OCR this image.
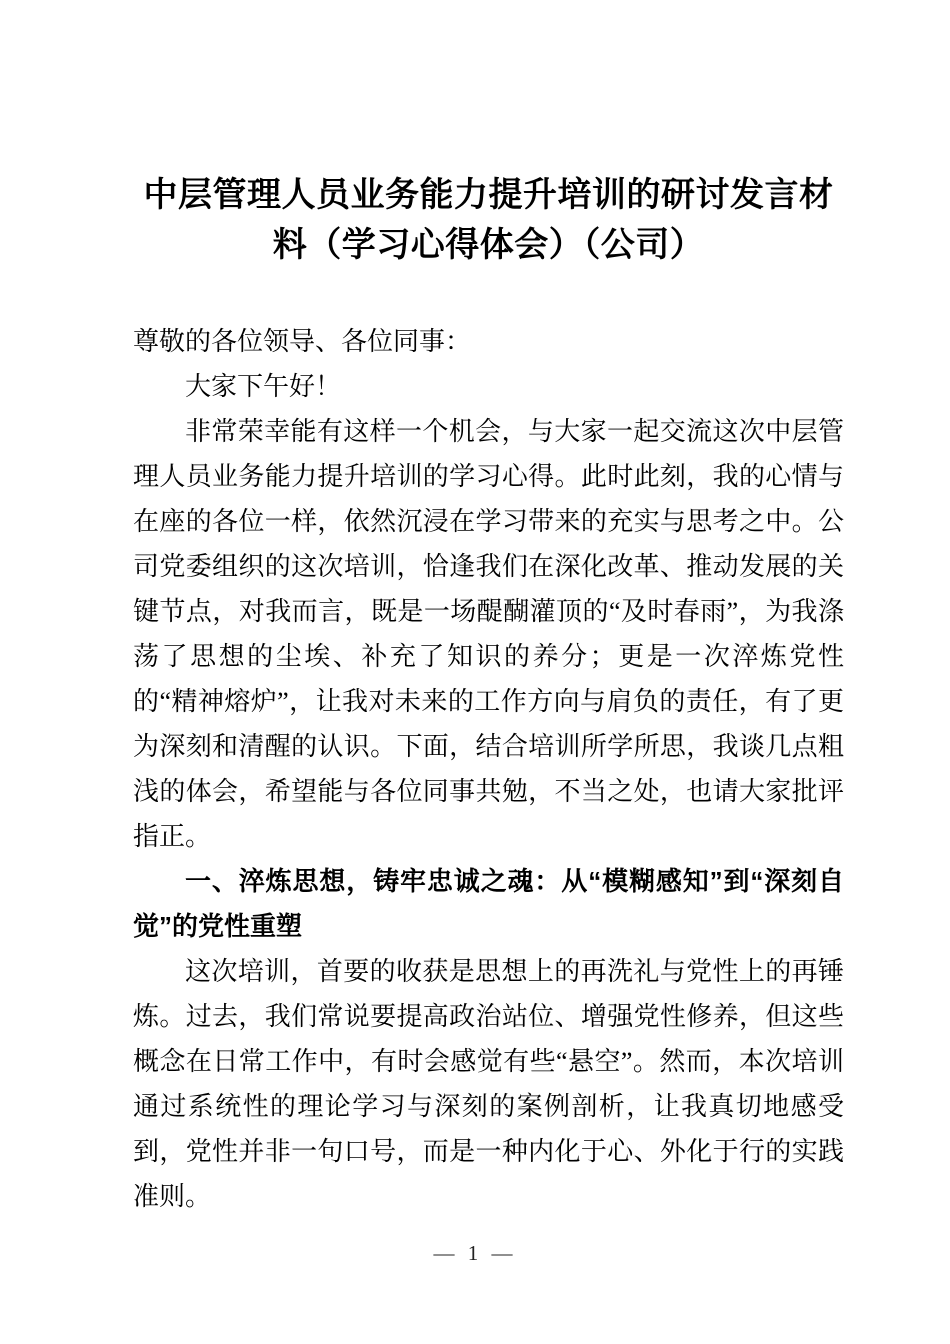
中层管理人员业务能力提升培训的研讨发言材
料（学习心得体会）（公司）

尊敬的各位领导、各位同事：

大家下午好！

非常荣幸能有这样一个机会，与大家一起交流这次中层管理人员业务能力提升培训的学习心得。此时此刻，我的心情与在座的各位一样，依然沉浸在学习带来的充实与思考之中。公司党委组织的这次培训，恰逢我们在深化改革、推动发展的关键节点，对我而言，既是一场醍醐灌顶的“及时春雨”，为我涤荡了思想的尘埃、补充了知识的养分；更是一次淬炼党性的“精神熔炉”，让我对未来的工作方向与肩负的责任，有了更为深刻和清醒的认识。下面，结合培训所学所思，我谈几点粗浅的体会，希望能与各位同事共勉，不当之处，也请大家批评指正。

一、淬炼思想，铸牢忠诚之魂：从“模糊感知”到“深刻自觉”的党性重塑

这次培训，首要的收获是思想上的再洗礼与党性上的再锤炼。过去，我们常说要提高政治站位、增强党性修养，但这些概念在日常工作中，有时会感觉有些“悬空”。然而，本次培训通过系统性的理论学习与深刻的案例剖析，让我真切地感受到，党性并非一句口号，而是一种内化于心、外化于行的实践准则。

— 1 —
